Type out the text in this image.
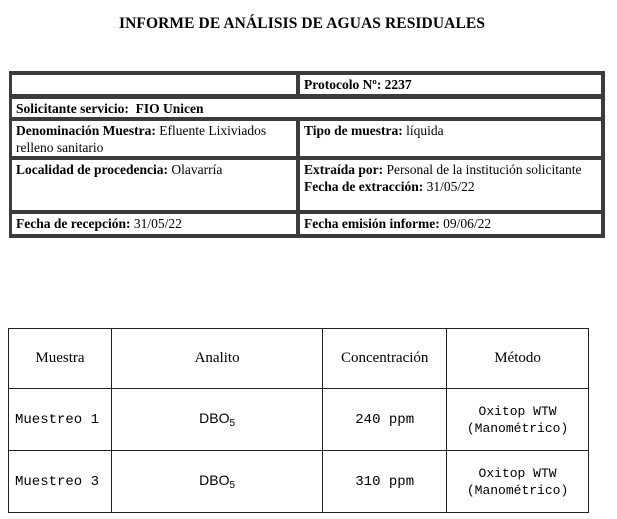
INFORME DE ANÁLISIS DE AGUAS RESIDUALES
Protocolo Nº: 2237
Solicitante servicio:  FIO Unicen
Denominación Muestra: Efluente Lixiviados relleno sanitario
Tipo de muestra: líquida
Localidad de procedencia: Olavarría	Extraída por: Personal de la institución solicitante
Fecha de extracción: 31/05/22
Fecha de recepción: 31/05/22	Fecha emisión informe: 09/06/22
Muestra	Analito	Concentración	Método
Muestreo 1	$DBO_5$	240 ppm	Oxitop WTW
(Manométrico)
Muestreo 3	$DBO_5$	310 ppm	Oxitop WTW
(Manométrico)
